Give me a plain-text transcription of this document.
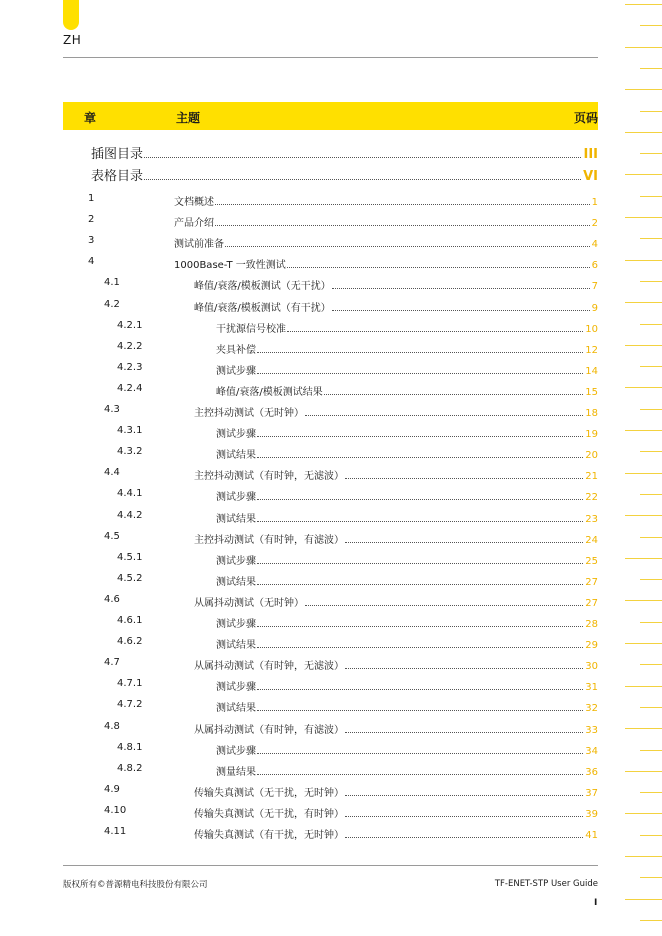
ZH
章	主题	页码
插图目录	III
表格目录	VI
1	文档概述	1
2	产品介绍	2
3	测试前准备	4
4	1000Base-T 一致性测试	6
4.1	峰值/衰落/模板测试（无干扰）	7
4.2	峰值/衰落/模板测试（有干扰）	9
4.2.1	干扰源信号校准	10
4.2.2	夹具补偿	12
4.2.3	测试步骤	14
4.2.4	峰值/衰落/模板测试结果	15
4.3	主控抖动测试（无时钟）	18
4.3.1	测试步骤	19
4.3.2	测试结果	20
4.4	主控抖动测试（有时钟，无滤波）	21
4.4.1	测试步骤	22
4.4.2	测试结果	23
4.5	主控抖动测试（有时钟，有滤波）	24
4.5.1	测试步骤	25
4.5.2	测试结果	27
4.6	从属抖动测试（无时钟）	27
4.6.1	测试步骤	28
4.6.2	测试结果	29
4.7	从属抖动测试（有时钟，无滤波）	30
4.7.1	测试步骤	31
4.7.2	测试结果	32
4.8	从属抖动测试（有时钟，有滤波）	33
4.8.1	测试步骤	34
4.8.2	测量结果	36
4.9	传输失真测试（无干扰，无时钟）	37
4.10	传输失真测试（无干扰，有时钟）	39
4.11	传输失真测试（有干扰，无时钟）	41
版权所有©普源精电科技股份有限公司	TF-ENET-STP User Guide
I
